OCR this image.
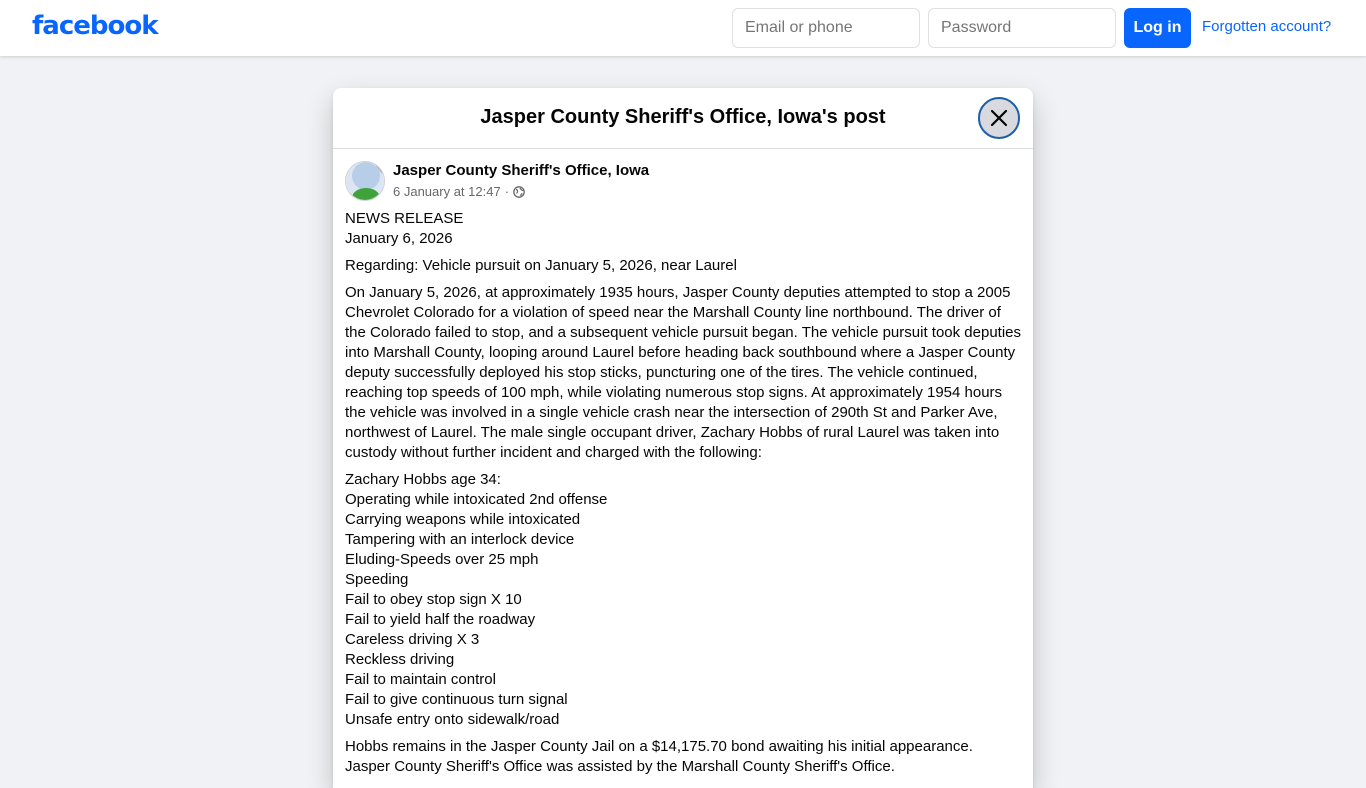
facebook
Email or phone	Log in	Forgotten account?
Jasper County Sheriff's Office, Iowa's post
Jasper County Sheriff's Office, Iowa
6 January at 12:47 ·

NEWS RELEASE
January 6, 2026

Regarding: Vehicle pursuit on January 5, 2026, near Laurel

On January 5, 2026, at approximately 1935 hours, Jasper County deputies attempted to stop a 2005 Chevrolet Colorado for a violation of speed near the Marshall County line northbound. The driver of the Colorado failed to stop, and a subsequent vehicle pursuit began. The vehicle pursuit took deputies into Marshall County, looping around Laurel before heading back southbound where a Jasper County deputy successfully deployed his stop sticks, puncturing one of the tires. The vehicle continued, reaching top speeds of 100 mph, while violating numerous stop signs. At approximately 1954 hours the vehicle was involved in a single vehicle crash near the intersection of 290th St and Parker Ave, northwest of Laurel. The male single occupant driver, Zachary Hobbs of rural Laurel was taken into custody without further incident and charged with the following:

Zachary Hobbs age 34:
Operating while intoxicated 2nd offense
Carrying weapons while intoxicated
Tampering with an interlock device
Eluding-Speeds over 25 mph
Speeding
Fail to obey stop sign X 10
Fail to yield half the roadway
Careless driving X 3
Reckless driving
Fail to maintain control
Fail to give continuous turn signal
Unsafe entry onto sidewalk/road

Hobbs remains in the Jasper County Jail on a $14,175.70 bond awaiting his initial appearance. Jasper County Sheriff's Office was assisted by the Marshall County Sheriff's Office.
